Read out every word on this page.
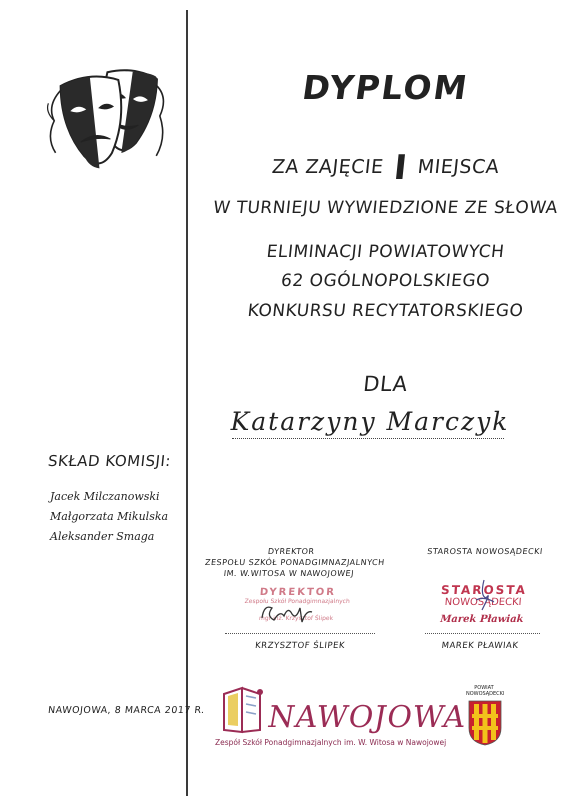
DYPLOM
ZA ZAJĘCIE I MIEJSCA
W TURNIEJU WYWIEDZIONE ZE SŁOWA
ELIMINACJI POWIATOWYCH
62 OGÓLNOPOLSKIEGO
KONKURSU RECYTATORSKIEGO
DLA
Katarzyny Marczyk
SKŁAD KOMISJI:
Jacek Milczanowski
Małgorzata Mikulska
Aleksander Smaga
DYREKTOR
ZESPOŁU SZKÓŁ PONADGIMNAZJALNYCH
IM. W.WITOSA W NAWOJOWEJ
DYREKTOR
Zespołu Szkół Ponadgimnazjalnych
mgr inż. Krzysztof Ślipek
KRZYSZTOF ŚLIPEK
STAROSTA NOWOSĄDECKI
STAROSTA
NOWOSĄDECKI
Marek Pławiak
MAREK PŁAWIAK
NAWOJOWA, 8 MARCA 2017 R. NAWOJOWA
Zespół Szkół Ponadgimnazjalnych im. W. Witosa w Nawojowej
POWIAT
NOWOSĄDECKI
